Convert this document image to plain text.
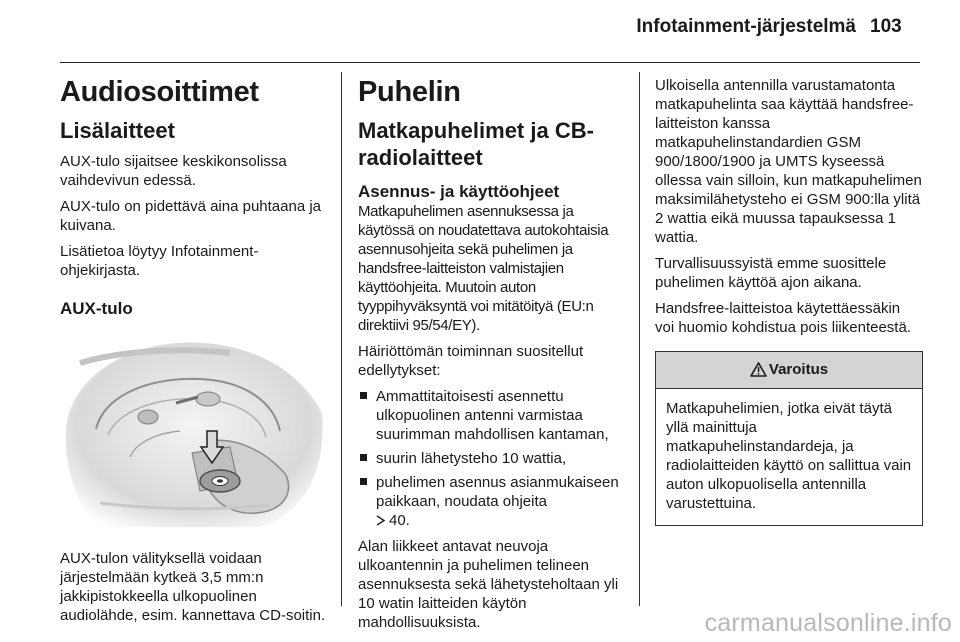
Infotainment-järjestelmä 103
Audiosoittimet
Lisälaitteet

AUX-tulo sijaitsee keskikonsolissa vaihdevivun edessä.

AUX-tulo on pidettävä aina puhtaana ja kuivana.

Lisätietoa löytyy Infotainment-ohjekirjasta.

AUX-tulo

AUX-tulon välityksellä voidaan järjestelmään kytkeä 3,5 mm:n jakkipistokkeella ulkopuolinen audiolähde, esim. kannettava CD-soitin.

Puhelin
Matkapuhelimet ja CB-radiolaitteet
Asennus- ja käyttöohjeet

Matkapuhelimen asennuksessa ja käytössä on noudatettava autokohtaisia asennusohjeita sekä puhelimen ja handsfree-laitteiston valmistajien käyttöohjeita. Muutoin auton tyyppihyväksyntä voi mitätöityä (EU:n direktiivi 95/54/EY).

Häiriöttömän toiminnan suositellut edellytykset:

Ammattitaitoisesti asennettu ulkopuolinen antenni varmistaa suurimman mahdollisen kantaman,
suurin lähetysteho 10 wattia,
puhelimen asennus asianmukaiseen paikkaan, noudata ohjeita
40.

Alan liikkeet antavat neuvoja ulkoantennin ja puhelimen telineen asennuksesta sekä lähetysteholtaan yli 10 watin laitteiden käytön mahdollisuuksista.

Ulkoisella antennilla varustamatonta matkapuhelinta saa käyttää handsfree-laitteiston kanssa matkapuhelinstandardien GSM 900/1800/1900 ja UMTS kyseessä ollessa vain silloin, kun matkapuhelimen maksimilähetysteho ei GSM 900:lla ylitä 2 wattia eikä muussa tapauksessa 1 wattia.

Turvallisuussyistä emme suosittele puhelimen käyttöä ajon aikana.

Handsfree-laitteistoa käytettäessäkin voi huomio kohdistua pois liikenteestä.

Varoitus

Matkapuhelimien, jotka eivät täytä yllä mainittuja matkapuhelinstandardeja, ja radiolaitteiden käyttö on sallittua vain auton ulkopuolisella antennilla varustettuina.

carmanualsonline.info
